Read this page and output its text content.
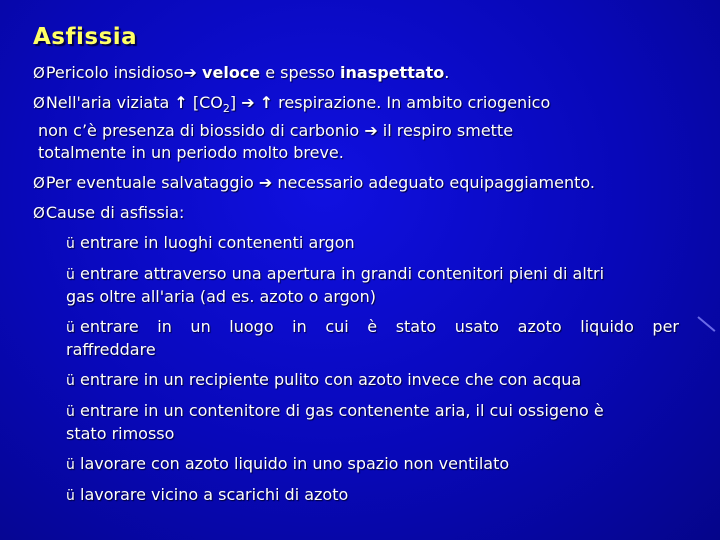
Asfissia
ØPericolo insidioso➔ veloce e spesso inaspettato.
ØNell'aria viziata ↑ $[CO_2]$ ➔ ↑ respirazione. In ambito criogenico
non c’è presenza di biossido di carbonio ➔ il respiro smette
totalmente in un periodo molto breve.
ØPer eventuale salvataggio ➔ necessario adeguato equipaggiamento.
ØCause di asfissia:
ü entrare in luoghi contenenti argon
ü entrare attraverso una apertura in grandi contenitori pieni di altri
gas oltre all'aria (ad es. azoto o argon)
ü entrare in un luogo in cui è stato usato azoto liquido per
raffreddare
ü entrare in un recipiente pulito con azoto invece che con acqua
ü entrare in un contenitore di gas contenente aria, il cui ossigeno è
stato rimosso
ü lavorare con azoto liquido in uno spazio non ventilato
ü lavorare vicino a scarichi di azoto
